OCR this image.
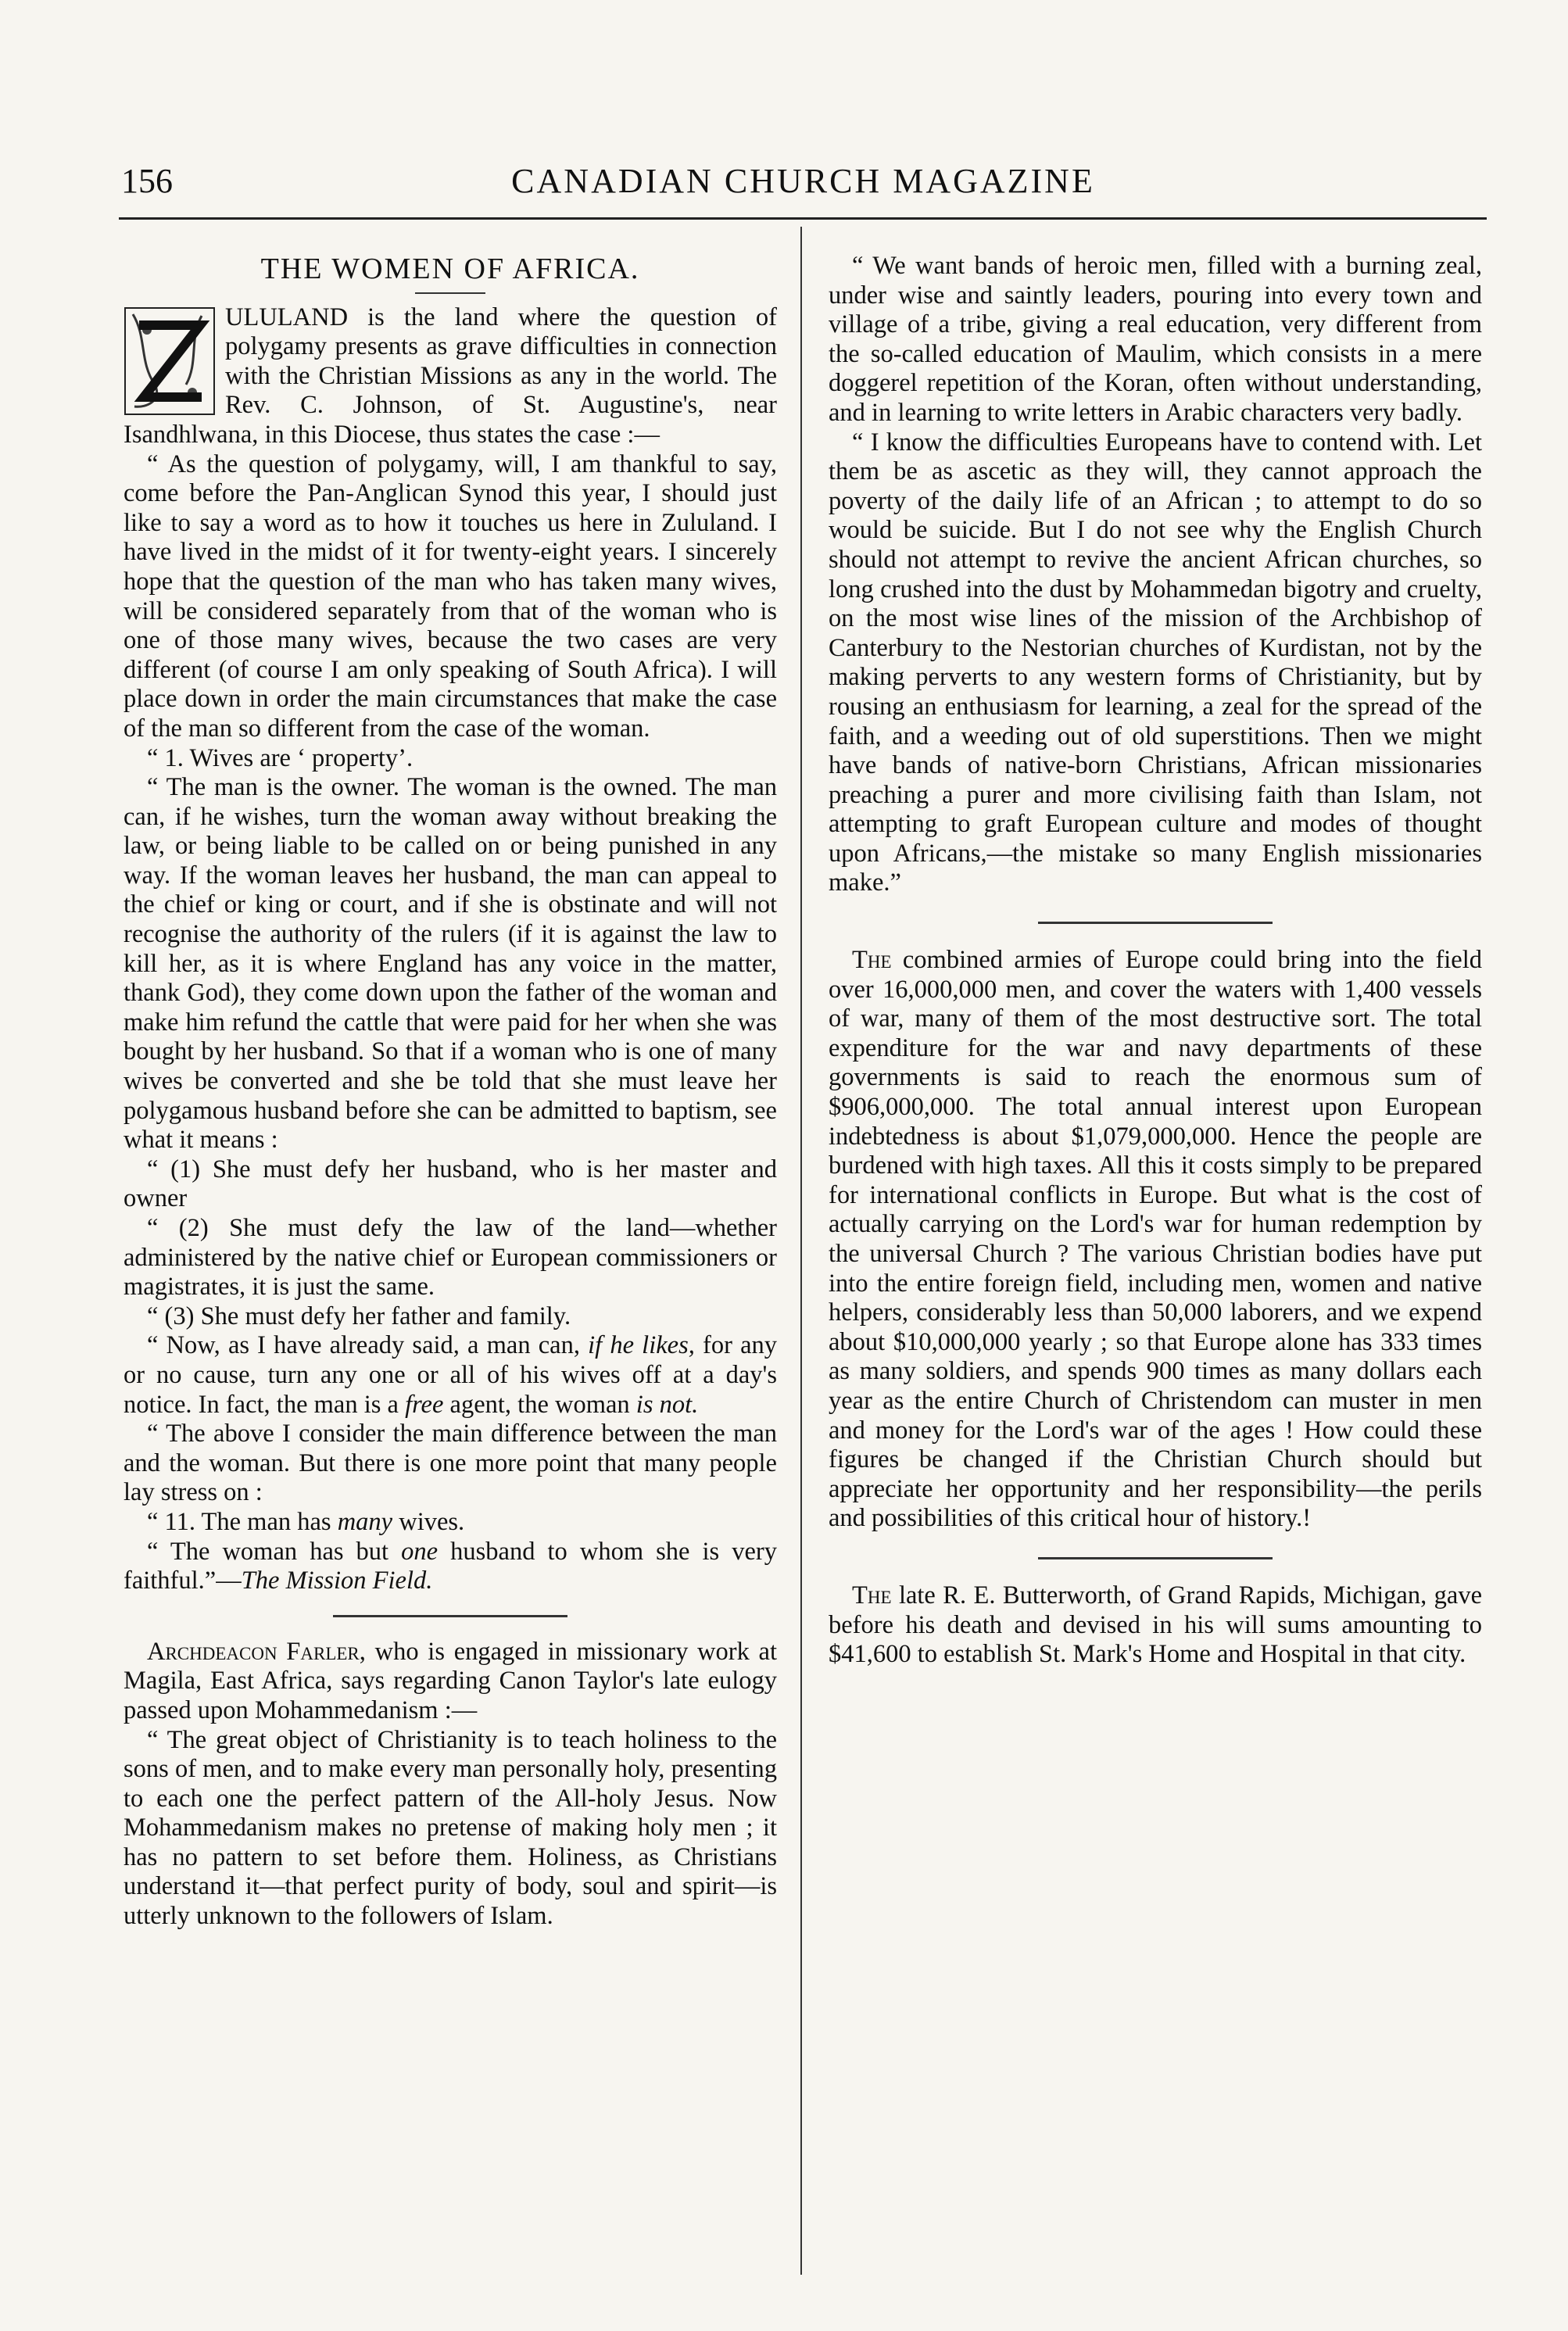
156	CANADIAN CHURCH MAGAZINE
THE WOMEN OF AFRICA.

Z
ULULAND is the land where the question of polygamy presents as grave difficulties in connection with the Christian Missions as any in the world. The Rev. C. Johnson, of St. Augustine's, near Isandhlwana, in this Diocese, thus states the case :—

“ As the question of polygamy, will, I am thankful to say, come before the Pan-Anglican Synod this year, I should just like to say a word as to how it touches us here in Zululand. I have lived in the midst of it for twenty-eight years. I sincerely hope that the question of the man who has taken many wives, will be considered separately from that of the woman who is one of those many wives, because the two cases are very different (of course I am only speaking of South Africa). I will place down in order the main circumstances that make the case of the man so different from the case of the woman.

“ 1. Wives are ‘ property’.

“ The man is the owner. The woman is the owned. The man can, if he wishes, turn the woman away without breaking the law, or being liable to be called on or being punished in any way. If the woman leaves her husband, the man can appeal to the chief or king or court, and if she is obstinate and will not recognise the authority of the rulers (if it is against the law to kill her, as it is where England has any voice in the matter, thank God), they come down upon the father of the woman and make him refund the cattle that were paid for her when she was bought by her husband. So that if a woman who is one of many wives be converted and she be told that she must leave her polygamous husband before she can be admitted to baptism, see what it means :

“ (1) She must defy her husband, who is her master and owner

“ (2) She must defy the law of the land—whether administered by the native chief or European commissioners or magistrates, it is just the same.

“ (3) She must defy her father and family.

“ Now, as I have already said, a man can, if he likes, for any or no cause, turn any one or all of his wives off at a day's notice. In fact, the man is a free agent, the woman is not.

“ The above I consider the main difference between the man and the woman. But there is one more point that many people lay stress on :

“ 11. The man has many wives.

“ The woman has but one husband to whom she is very faithful.”—The Mission Field.

Archdeacon Farler, who is engaged in missionary work at Magila, East Africa, says regarding Canon Taylor's late eulogy passed upon Mohammedanism :—

“ The great object of Christianity is to teach holiness to the sons of men, and to make every man personally holy, presenting to each one the perfect pattern of the All-holy Jesus. Now Mohammedanism makes no pretense of making holy men ; it has no pattern to set before them. Holiness, as Christians understand it—that perfect purity of body, soul and spirit—is utterly unknown to the followers of Islam.

“ We want bands of heroic men, filled with a burning zeal, under wise and saintly leaders, pouring into every town and village of a tribe, giving a real education, very different from the so-called education of Maulim, which consists in a mere doggerel repetition of the Koran, often without understanding, and in learning to write letters in Arabic characters very badly.

“ I know the difficulties Europeans have to contend with. Let them be as ascetic as they will, they cannot approach the poverty of the daily life of an African ; to attempt to do so would be suicide. But I do not see why the English Church should not attempt to revive the ancient African churches, so long crushed into the dust by Mohammedan bigotry and cruelty, on the most wise lines of the mission of the Archbishop of Canterbury to the Nestorian churches of Kurdistan, not by the making perverts to any western forms of Christianity, but by rousing an enthusiasm for learning, a zeal for the spread of the faith, and a weeding out of old superstitions. Then we might have bands of native-born Christians, African missionaries preaching a purer and more civilising faith than Islam, not attempting to graft European culture and modes of thought upon Africans,—the mistake so many English missionaries make.”

The combined armies of Europe could bring into the field over 16,000,000 men, and cover the waters with 1,400 vessels of war, many of them of the most destructive sort. The total expenditure for the war and navy departments of these governments is said to reach the enormous sum of $906,000,000. The total annual interest upon European indebtedness is about $1,079,000,000. Hence the people are burdened with high taxes. All this it costs simply to be prepared for international conflicts in Europe. But what is the cost of actually carrying on the Lord's war for human redemption by the universal Church ? The various Christian bodies have put into the entire foreign field, including men, women and native helpers, considerably less than 50,000 laborers, and we expend about $10,000,000 yearly ; so that Europe alone has 333 times as many soldiers, and spends 900 times as many dollars each year as the entire Church of Christendom can muster in men and money for the Lord's war of the ages ! How could these figures be changed if the Christian Church should but appreciate her opportunity and her responsibility—the perils and possibilities of this critical hour of history.!

The late R. E. Butterworth, of Grand Rapids, Michigan, gave before his death and devised in his will sums amounting to $41,600 to establish St. Mark's Home and Hospital in that city.
